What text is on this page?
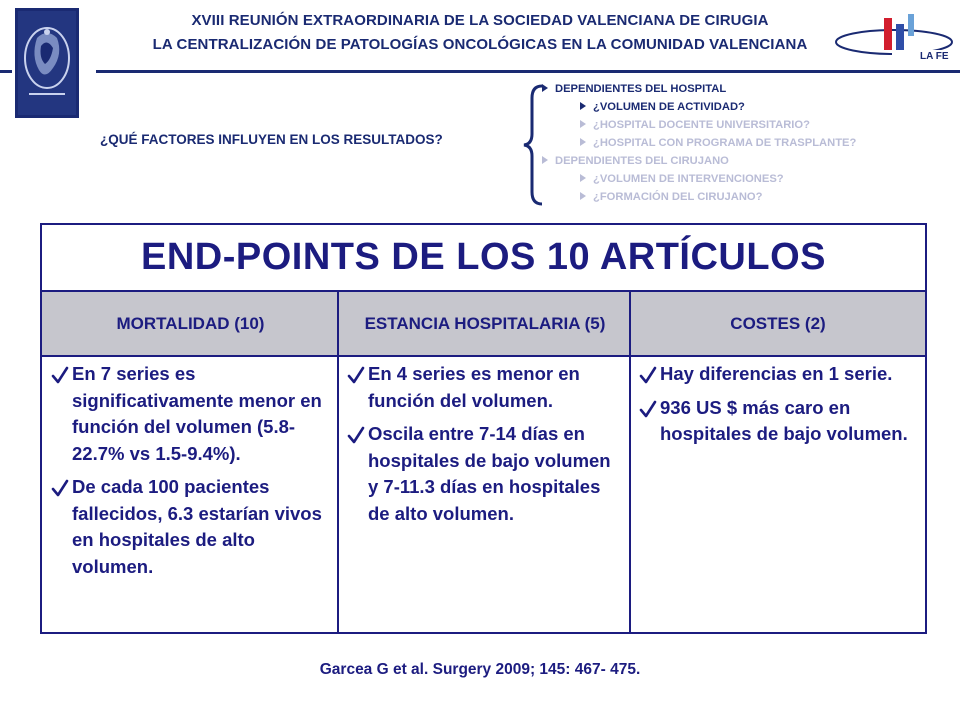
XVIII REUNIÓN EXTRAORDINARIA DE LA SOCIEDAD VALENCIANA DE CIRUGIA
LA CENTRALIZACIÓN DE PATOLOGÍAS ONCOLÓGICAS EN LA COMUNIDAD VALENCIANA
LA FE
¿QUÉ FACTORES INFLUYEN EN LOS RESULTADOS?
DEPENDIENTES DEL HOSPITAL
¿VOLUMEN DE ACTIVIDAD?
¿HOSPITAL DOCENTE UNIVERSITARIO?
¿HOSPITAL CON PROGRAMA DE TRASPLANTE?
DEPENDIENTES DEL CIRUJANO
¿VOLUMEN DE INTERVENCIONES?
¿FORMACIÓN DEL CIRUJANO?
END-POINTS DE LOS 10 ARTÍCULOS
MORTALIDAD (10)	ESTANCIA HOSPITALARIA (5)	COSTES (2)
En 7 series es significativamente menor en función del volumen (5.8-22.7% vs 1.5-9.4%).
De cada 100 pacientes fallecidos, 6.3 estarían vivos en hospitales de alto volumen.
En 4 series es menor en función del volumen.
Oscila entre 7-14 días en hospitales de bajo volumen y 7-11.3 días en hospitales de alto volumen.
Hay diferencias en 1 serie.
936 US $ más caro en hospitales de bajo volumen.
Garcea G et al. Surgery 2009; 145: 467- 475.
